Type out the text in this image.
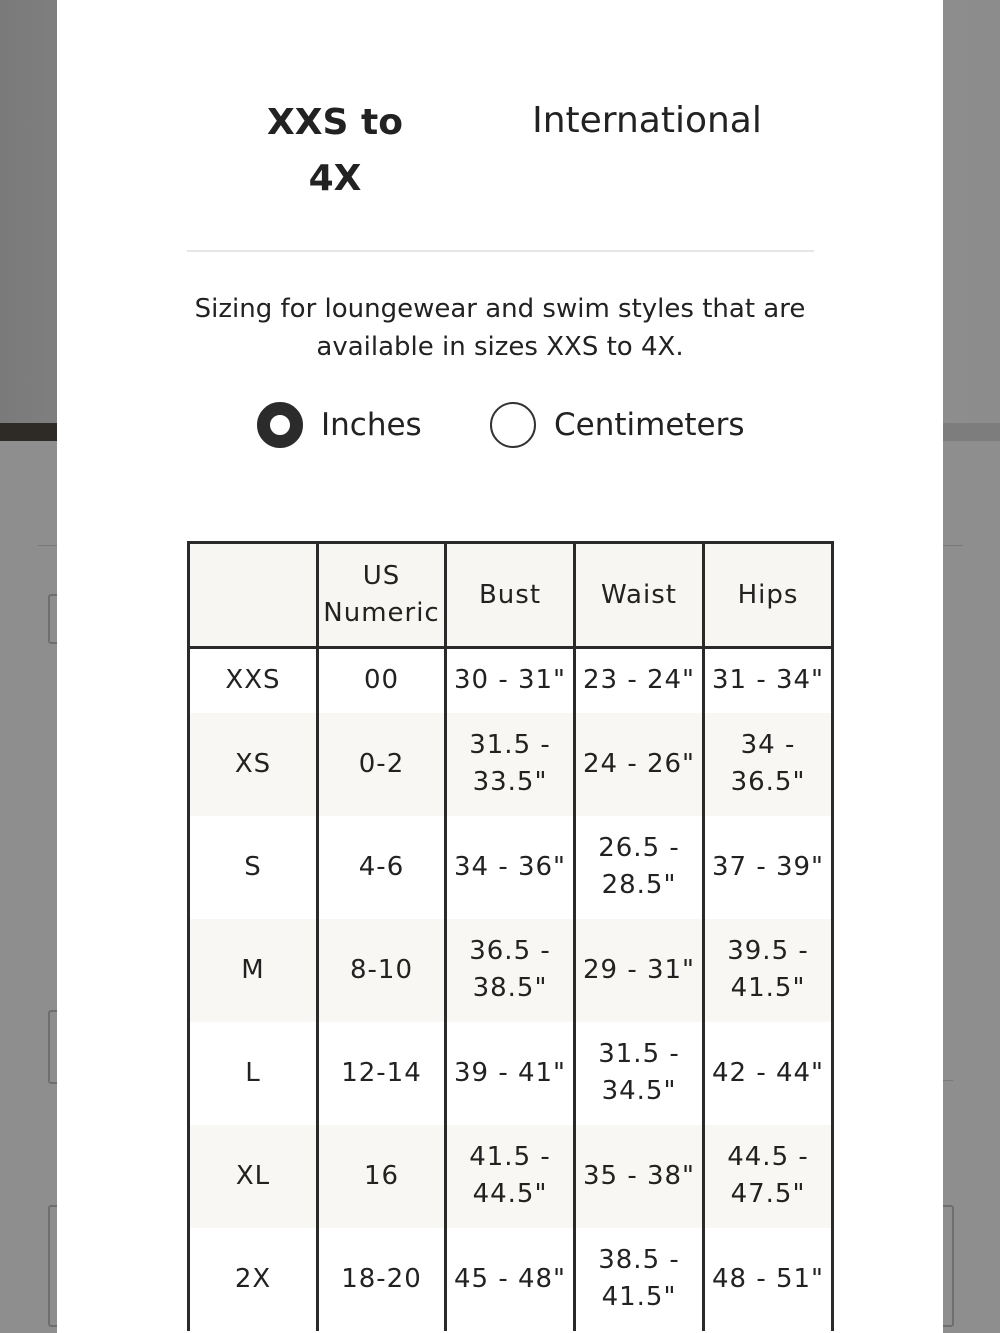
XXS to 4X
International
Sizing for loungewear and swim styles that are available in sizes XXS to 4X.
Inches	Centimeters
	US Numeric	Bust	Waist	Hips
XXS	00	30 - 31"	23 - 24"	31 - 34"
XS	0-2	31.5 - 33.5"	24 - 26"	34 - 36.5"
S	4-6	34 - 36"	26.5 - 28.5"	37 - 39"
M	8-10	36.5 - 38.5"	29 - 31"	39.5 - 41.5"
L	12-14	39 - 41"	31.5 - 34.5"	42 - 44"
XL	16	41.5 - 44.5"	35 - 38"	44.5 - 47.5"
2X	18-20	45 - 48"	38.5 - 41.5"	48 - 51"
